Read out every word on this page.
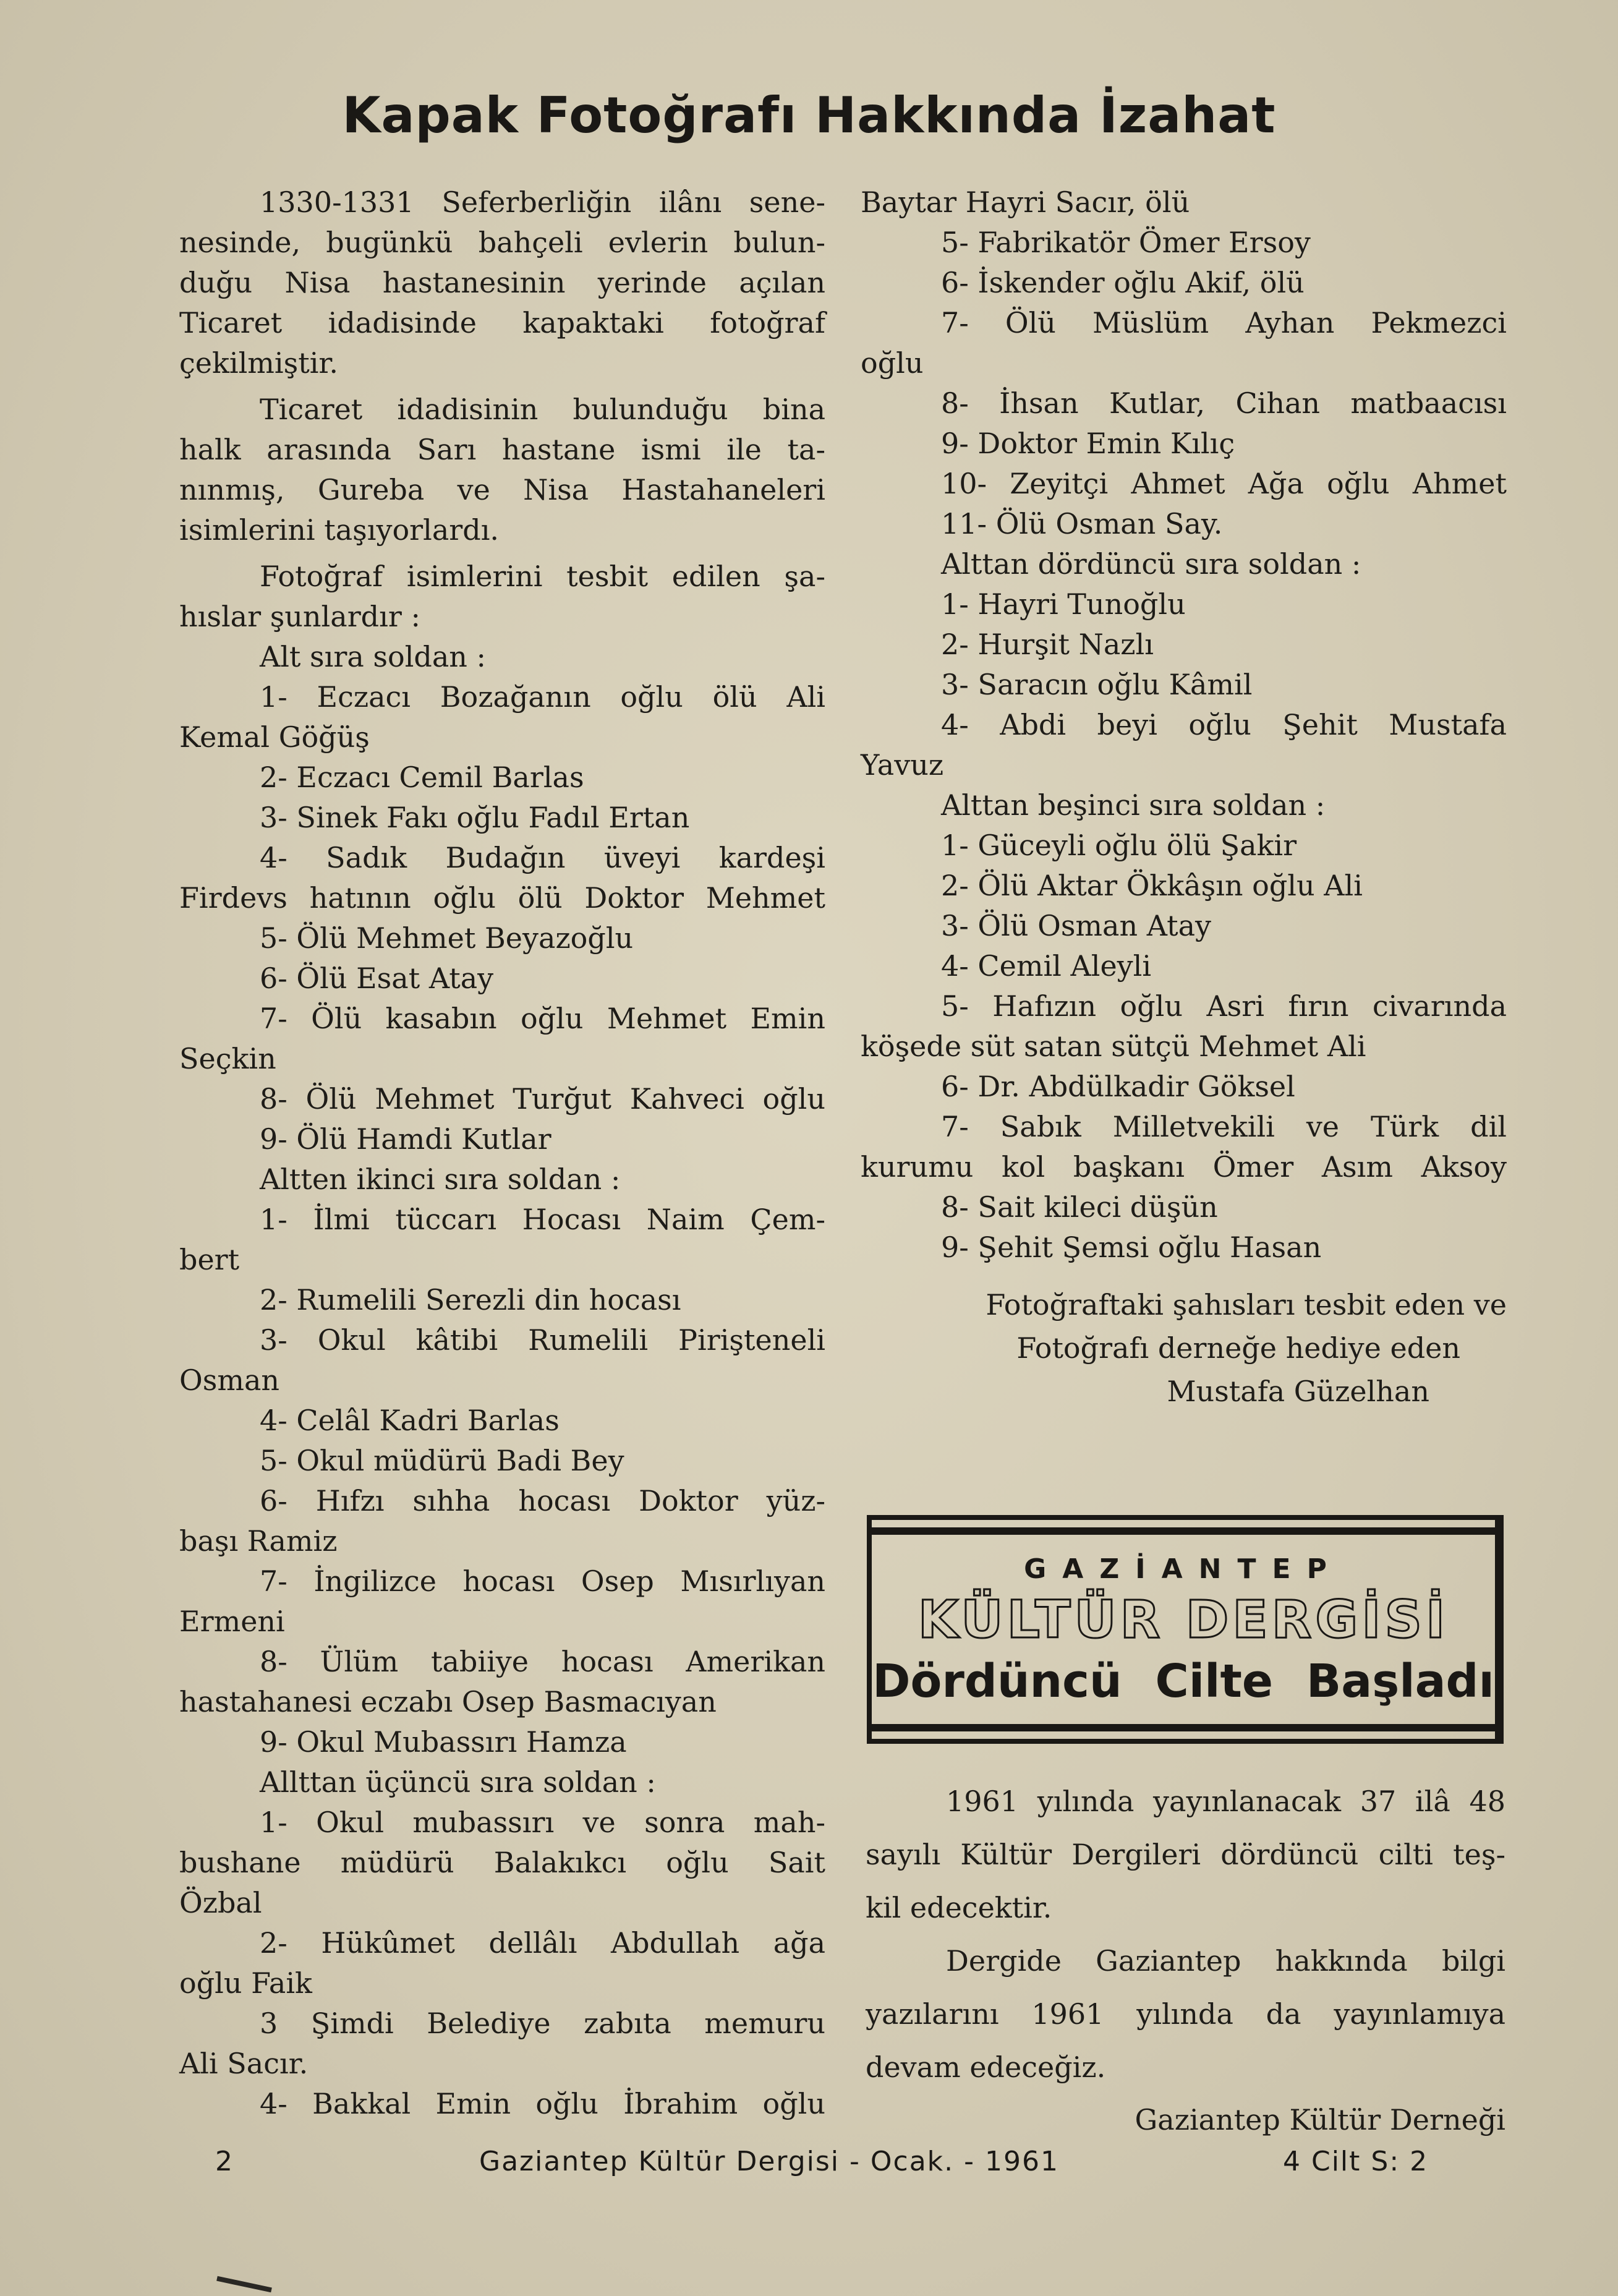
Kapak Fotoğrafı Hakkında İzahat

1330-1331 Seferberliğin ilânı sene-

nesinde, bugünkü bahçeli evlerin bulun-

duğu Nisa hastanesinin yerinde açılan

Ticaret idadisinde kapaktaki fotoğraf

çekilmiştir.

Ticaret idadisinin bulunduğu bina

halk arasında Sarı hastane ismi ile ta-

nınmış, Gureba ve Nisa Hastahaneleri

isimlerini taşıyorlardı.

Fotoğraf isimlerini tesbit edilen şa-

hıslar şunlardır :

Alt sıra soldan :

1- Eczacı Bozağanın oğlu ölü Ali

Kemal Göğüş

2- Eczacı Cemil Barlas

3- Sinek Fakı oğlu Fadıl Ertan

4- Sadık Budağın üveyi kardeşi

Firdevs hatının oğlu ölü Doktor Mehmet

5- Ölü Mehmet Beyazoğlu

6- Ölü Esat Atay

7- Ölü kasabın oğlu Mehmet Emin

Seçkin

8- Ölü Mehmet Turğut Kahveci oğlu

9- Ölü Hamdi Kutlar

Altten ikinci sıra soldan :

1- İlmi tüccarı Hocası Naim Çem-

bert

2- Rumelili Serezli din hocası

3- Okul kâtibi Rumelili Pirişteneli

Osman

4- Celâl Kadri Barlas

5- Okul müdürü Badi Bey

6- Hıfzı sıhha hocası Doktor yüz-

başı Ramiz

7- İngilizce hocası Osep Mısırlıyan

Ermeni

8- Ülüm tabiiye hocası Amerikan

hastahanesi eczabı Osep Basmacıyan

9- Okul Mubassırı Hamza

Allttan üçüncü sıra soldan :

1- Okul mubassırı ve sonra mah-

bushane müdürü Balakıkcı oğlu Sait

Özbal

2- Hükûmet dellâlı Abdullah ağa

oğlu Faik

3 Şimdi Belediye zabıta memuru

Ali Sacır.

4- Bakkal Emin oğlu İbrahim oğlu

Baytar Hayri Sacır, ölü

5- Fabrikatör Ömer Ersoy

6- İskender oğlu Akif, ölü

7- Ölü Müslüm Ayhan Pekmezci

oğlu

8- İhsan Kutlar, Cihan matbaacısı

9- Doktor Emin Kılıç

10- Zeyitçi Ahmet Ağa oğlu Ahmet

11- Ölü Osman Say.

Alttan dördüncü sıra soldan :

1- Hayri Tunoğlu

2- Hurşit Nazlı

3- Saracın oğlu Kâmil

4- Abdi beyi oğlu Şehit Mustafa

Yavuz

Alttan beşinci sıra soldan :

1- Güceyli oğlu ölü Şakir

2- Ölü Aktar Ökkâşın oğlu Ali

3- Ölü Osman Atay

4- Cemil Aleyli

5- Hafızın oğlu Asri fırın civarında

köşede süt satan sütçü Mehmet Ali

6- Dr. Abdülkadir Göksel

7- Sabık Milletvekili ve Türk dil

kurumu kol başkanı Ömer Asım Aksoy

8- Sait kileci düşün

9- Şehit Şemsi oğlu Hasan

Fotoğraftaki şahısları tesbit eden ve

Fotoğrafı derneğe hediye eden

Mustafa Güzelhan

GAZİANTEP
KÜLTÜR DERGİSİ
Dördüncü Cilte Başladı

1961 yılında yayınlanacak 37 ilâ 48

sayılı Kültür Dergileri dördüncü cilti teş-

kil edecektir.

Dergide Gaziantep hakkında bilgi

yazılarını 1961 yılında da yayınlamıya

devam edeceğiz.

Gaziantep Kültür Derneği

2	Gaziantep Kültür Dergisi - Ocak. - 1961	4 Cilt S: 2
